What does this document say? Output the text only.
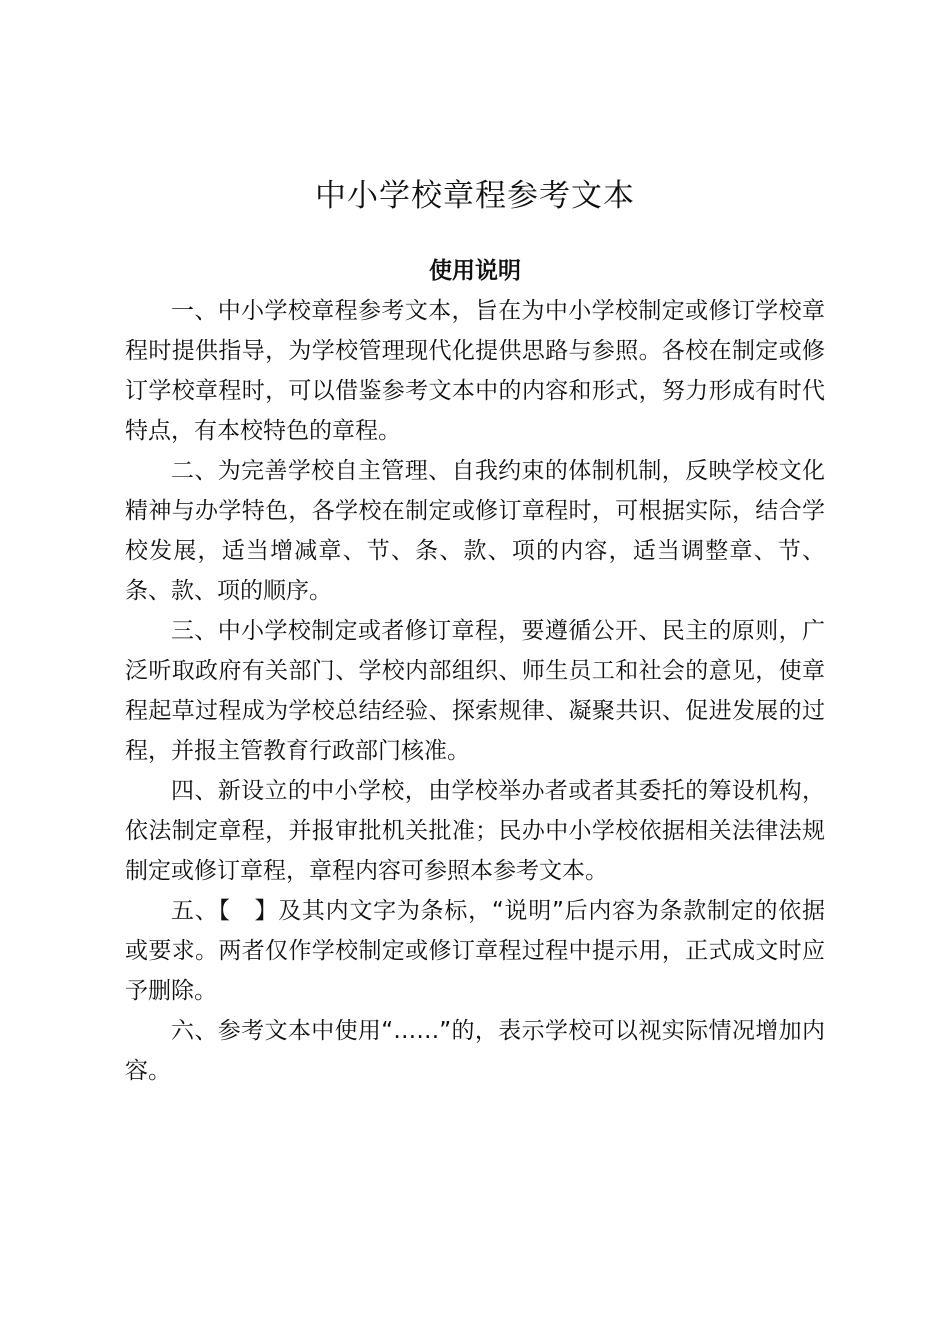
中小学校章程参考文本
使用说明

一、中小学校章程参考文本，旨在为中小学校制定或修订学校章程时提供指导，为学校管理现代化提供思路与参照。各校在制定或修订学校章程时，可以借鉴参考文本中的内容和形式，努力形成有时代特点，有本校特色的章程。

二、为完善学校自主管理、自我约束的体制机制，反映学校文化精神与办学特色，各学校在制定或修订章程时，可根据实际，结合学校发展，适当增减章、节、条、款、项的内容，适当调整章、节、条、款、项的顺序。

三、中小学校制定或者修订章程，要遵循公开、民主的原则，广泛听取政府有关部门、学校内部组织、师生员工和社会的意见，使章程起草过程成为学校总结经验、探索规律、凝聚共识、促进发展的过程，并报主管教育行政部门核准。

四、新设立的中小学校，由学校举办者或者其委托的筹设机构，依法制定章程，并报审批机关批准；民办中小学校依据相关法律法规制定或修订章程，章程内容可参照本参考文本。

五、【　】及其内文字为条标，“说明”后内容为条款制定的依据或要求。两者仅作学校制定或修订章程过程中提示用，正式成文时应予删除。

六、参考文本中使用“……”的，表示学校可以视实际情况增加内容。
